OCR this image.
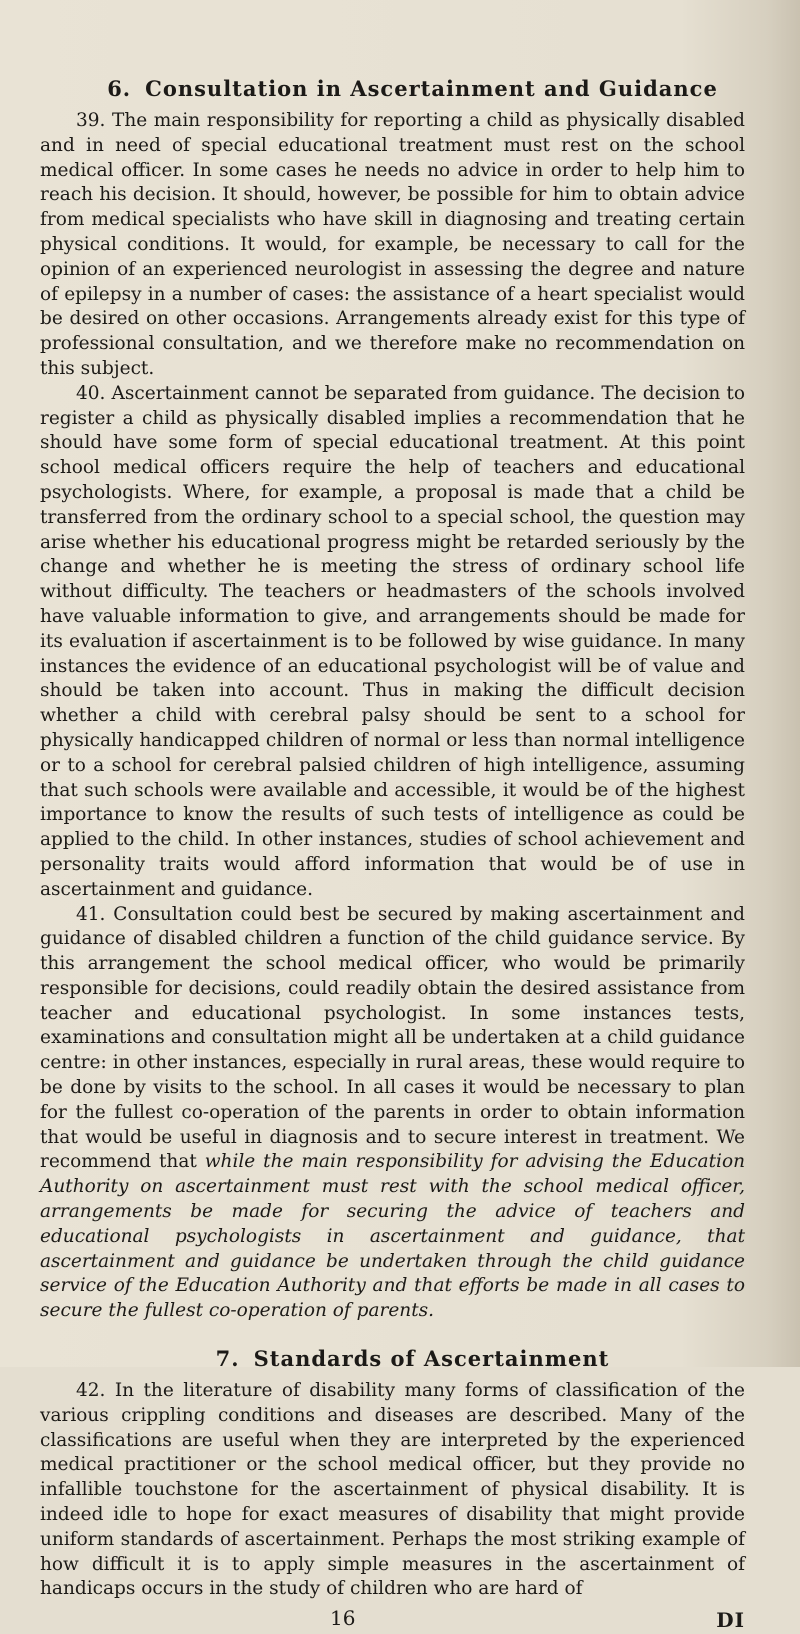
6. Consultation in Ascertainment and Guidance

39. The main responsibility for reporting a child as physically disabled and in need of special educational treatment must rest on the school medical officer. In some cases he needs no advice in order to help him to reach his decision. It should, however, be possible for him to obtain advice from medical specialists who have skill in diagnosing and treating certain physical conditions. It would, for example, be necessary to call for the opinion of an experienced neurologist in assessing the degree and nature of epilepsy in a number of cases: the assistance of a heart specialist would be desired on other occasions. Arrangements already exist for this type of professional consultation, and we therefore make no recommendation on this subject.

40. Ascertainment cannot be separated from guidance. The decision to register a child as physically disabled implies a recommendation that he should have some form of special educational treatment. At this point school medical officers require the help of teachers and educational psychologists. Where, for example, a proposal is made that a child be transferred from the ordinary school to a special school, the question may arise whether his educational progress might be retarded seriously by the change and whether he is meeting the stress of ordinary school life without difficulty. The teachers or headmasters of the schools involved have valuable information to give, and arrangements should be made for its evaluation if ascertainment is to be followed by wise guidance. In many instances the evidence of an educational psychologist will be of value and should be taken into account. Thus in making the difficult decision whether a child with cerebral palsy should be sent to a school for physically handicapped children of normal or less than normal intelligence or to a school for cerebral palsied children of high intelligence, assuming that such schools were available and accessible, it would be of the highest importance to know the results of such tests of intelligence as could be applied to the child. In other instances, studies of school achievement and personality traits would afford information that would be of use in ascertainment and guidance.

41. Consultation could best be secured by making ascertainment and guidance of disabled children a function of the child guidance service. By this arrangement the school medical officer, who would be primarily responsible for decisions, could readily obtain the desired assistance from teacher and educational psychologist. In some instances tests, examinations and consultation might all be undertaken at a child guidance centre: in other instances, especially in rural areas, these would require to be done by visits to the school. In all cases it would be necessary to plan for the fullest co-operation of the parents in order to obtain information that would be useful in diagnosis and to secure interest in treatment. We recommend that while the main responsibility for advising the Education Authority on ascertainment must rest with the school medical officer, arrangements be made for securing the advice of teachers and educational psychologists in ascertainment and guidance, that ascertainment and guidance be undertaken through the child guidance service of the Education Authority and that efforts be made in all cases to secure the fullest co-operation of parents.

7. Standards of Ascertainment

42. In the literature of disability many forms of classification of the various crippling conditions and diseases are described. Many of the classifications are useful when they are interpreted by the experienced medical practitioner or the school medical officer, but they provide no infallible touchstone for the ascertainment of physical disability. It is indeed idle to hope for exact measures of disability that might provide uniform standards of ascertainment. Perhaps the most striking example of how difficult it is to apply simple measures in the ascertainment of handicaps occurs in the study of children who are hard of

16	DI
